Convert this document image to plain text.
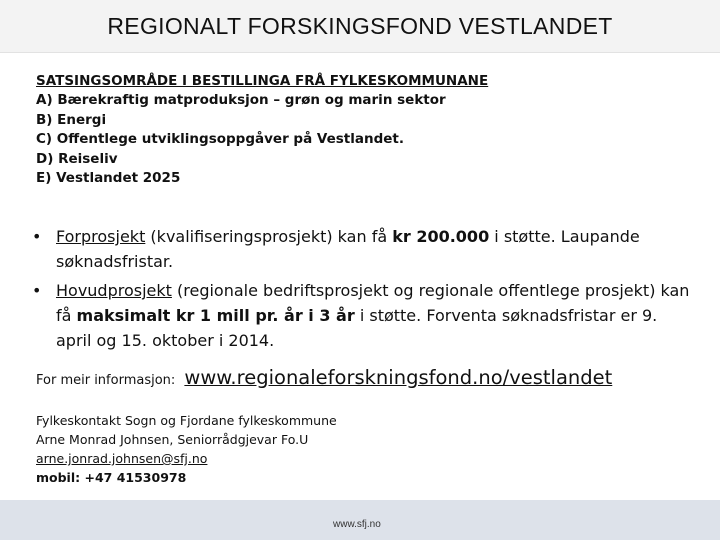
REGIONALT FORSKINGSFOND VESTLANDET
SATSINGSOMRÅDE I BESTILLINGA FRÅ FYLKESKOMMUNANE
A) Bærekraftig matproduksjon – grøn og marin sektor
B) Energi
C) Offentlege utviklingsoppgåver på Vestlandet.
D) Reiseliv
E) Vestlandet 2025
• Forprosjekt (kvalifiseringsprosjekt) kan få kr 200.000 i støtte. Laupande søknadsfristar.
• Hovudprosjekt (regionale bedriftsprosjekt og regionale offentlege prosjekt) kan få maksimalt kr 1 mill pr. år i 3 år i støtte. Forventa søknadsfristar er 9. april og 15. oktober i 2014.
For meir informasjon: www.regionaleforskningsfond.no/vestlandet
Fylkeskontakt Sogn og Fjordane fylkeskommune
Arne Monrad Johnsen, Seniorrådgjevar Fo.U
arne.jonrad.johnsen@sfj.no
mobil: +47 41530978
www.sfj.no
